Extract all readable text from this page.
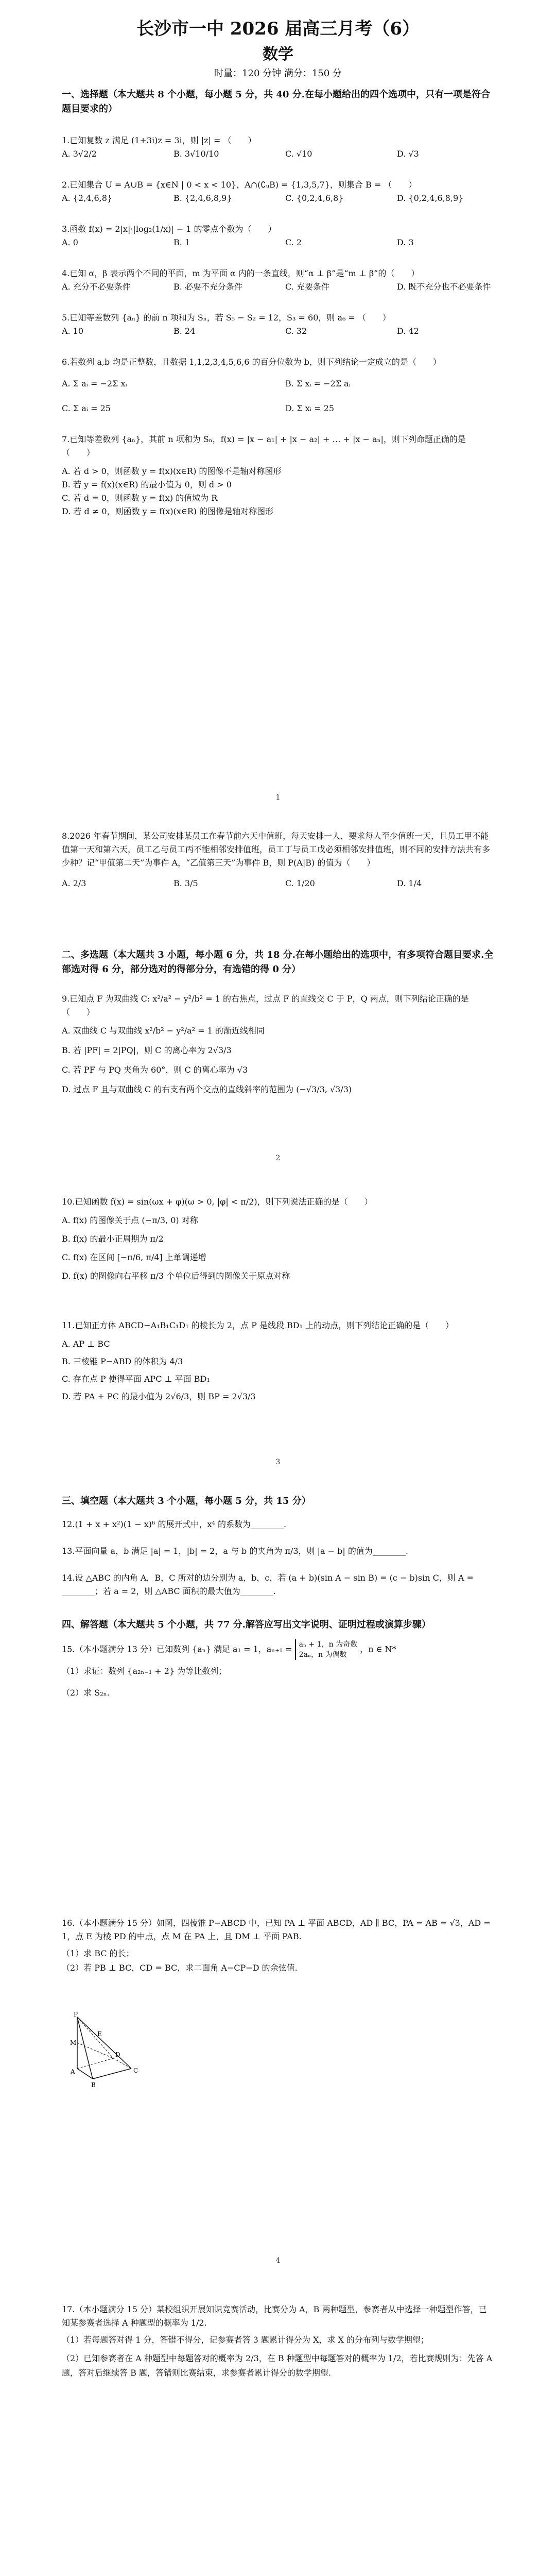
长沙市一中 2026 届高三月考（6）
数学
时量：120 分钟 满分：150 分
一、选择题（本大题共 8 个小题，每小题 5 分，共 40 分.在每小题给出的四个选项中，只有一项是符合题目要求的）
1.已知复数 z 满足 (1+3i)z = 3i，则 |z| = （　　）
A. 3√2/2	B. 3√10/10	C. √10	D. √3
2.已知集合 U = A∪B = {x∈N | 0 < x < 10}，A∩(∁ᵤB) = {1,3,5,7}，则集合 B = （　　）
A. {2,4,6,8}	B. {2,4,6,8,9}	C. {0,2,4,6,8}	D. {0,2,4,6,8,9}
3.函数 f(x) = 2|x|·|log₂(1/x)| − 1 的零点个数为（　　）
A. 0	B. 1	C. 2	D. 3
4.已知 α，β 表示两个不同的平面，m 为平面 α 内的一条直线，则“α ⊥ β”是“m ⊥ β”的（　　）
A. 充分不必要条件	B. 必要不充分条件	C. 充要条件	D. 既不充分也不必要条件
5.已知等差数列 {aₙ} 的前 n 项和为 Sₙ，若 S₅ − S₂ = 12，S₃ = 60，则 a₆ = （　　）
A. 10	B. 24	C. 32	D. 42
6.若数列 a,b 均是正整数，且数据 1,1,2,3,4,5,6,6 的百分位数为 b，则下列结论一定成立的是（　　）
A. Σ aᵢ = −2Σ xᵢ	B. Σ xᵢ = −2Σ aᵢ
C. Σ aᵢ = 25	D. Σ xᵢ = 25
7.已知等差数列 {aₙ}，其前 n 项和为 Sₙ，f(x) = |x − a₁| + |x − a₂| + … + |x − aₙ|，则下列命题正确的是（　　）
A. 若 d > 0，则函数 y = f(x)(x∈R) 的图像不是轴对称图形
B. 若 y = f(x)(x∈R) 的最小值为 0，则 d > 0
C. 若 d = 0，则函数 y = f(x) 的值域为 R
D. 若 d ≠ 0，则函数 y = f(x)(x∈R) 的图像是轴对称图形
1
8.2026 年春节期间，某公司安排某员工在春节前六天中值班，每天安排一人，要求每人至少值班一天，且员工甲不能值第一天和第六天，员工乙与员工丙不能相邻安排值班，员工丁与员工戊必须相邻安排值班，则不同的安排方法共有多少种？记“甲值第二天”为事件 A，“乙值第三天”为事件 B，则 P(A|B) 的值为（　　）
A. 2/3	B. 3/5	C. 1/20	D. 1/4
二、多选题（本大题共 3 小题，每小题 6 分，共 18 分.在每小题给出的选项中，有多项符合题目要求.全部选对得 6 分，部分选对的得部分分，有选错的得 0 分）
9.已知点 F 为双曲线 C: x²/a² − y²/b² = 1 的右焦点，过点 F 的直线交 C 于 P，Q 两点，则下列结论正确的是（　　）
A. 双曲线 C 与双曲线 x²/b² − y²/a² = 1 的渐近线相同
B. 若 |PF| = 2|PQ|，则 C 的离心率为 2√3/3
C. 若 PF 与 PQ 夹角为 60°，则 C 的离心率为 √3
D. 过点 F 且与双曲线 C 的右支有两个交点的直线斜率的范围为 (−√3/3, √3/3)
2
10.已知函数 f(x) = sin(ωx + φ)(ω > 0, |φ| < π/2)，则下列说法正确的是（　　）
A. f(x) 的图像关于点 (−π/3, 0) 对称
B. f(x) 的最小正周期为 π/2
C. f(x) 在区间 [−π/6, π/4] 上单调递增
D. f(x) 的图像向右平移 π/3 个单位后得到的图像关于原点对称
11.已知正方体 ABCD−A₁B₁C₁D₁ 的棱长为 2，点 P 是线段 BD₁ 上的动点，则下列结论正确的是（　　）
A. AP ⊥ BC
B. 三棱锥 P−ABD 的体积为 4/3
C. 存在点 P 使得平面 APC ⊥ 平面 BD₁
D. 若 PA + PC 的最小值为 2√6/3，则 BP = 2√3/3
3
三、填空题（本大题共 3 个小题，每小题 5 分，共 15 分）
12.(1 + x + x²)(1 − x)⁶ 的展开式中，x⁴ 的系数为________.
13.平面向量 a，b 满足 |a| = 1，|b| = 2，a 与 b 的夹角为 π/3，则 |a − b| 的值为________.
14.设 △ABC 的内角 A，B，C 所对的边分别为 a，b，c，若 (a + b)(sin A − sin B) = (c − b)sin C，则 A = ________；若 a = 2，则 △ABC 面积的最大值为________.
四、解答题（本大题共 5 个小题，共 77 分.解答应写出文字说明、证明过程或演算步骤）
15.（本小题满分 13 分）已知数列 {aₙ} 满足 a₁ = 1，aₙ₊₁ = aₙ + 1，n 为奇数
2aₙ，n 为偶数
，n ∈ N*
（1）求证：数列 {a₂ₙ₋₁ + 2} 为等比数列；
（2）求 S₂ₙ.
16.（本小题满分 15 分）如图，四棱锥 P−ABCD 中，已知 PA ⊥ 平面 ABCD，AD ∥ BC，PA = AB = √3，AD = 1，点 E 为棱 PD 的中点，点 M 在 PA 上，且 DM ⊥ 平面 PAB.
（1）求 BC 的长；
（2）若 PB ⊥ BC，CD = BC，求二面角 A−CP−D 的余弦值.
P
A
B
C
D
E
M
4
17.（本小题满分 15 分）某校组织开展知识竞赛活动，比赛分为 A，B 两种题型，参赛者从中选择一种题型作答，已知某参赛者选择 A 种题型的概率为 1/2.
（1）若每题答对得 1 分，答错不得分，记参赛者答 3 题累计得分为 X，求 X 的分布列与数学期望；
（2）已知参赛者在 A 种题型中每题答对的概率为 2/3，在 B 种题型中每题答对的概率为 1/2，若比赛规则为：先答 A 题，答对后继续答 B 题，答错则比赛结束，求参赛者累计得分的数学期望.
